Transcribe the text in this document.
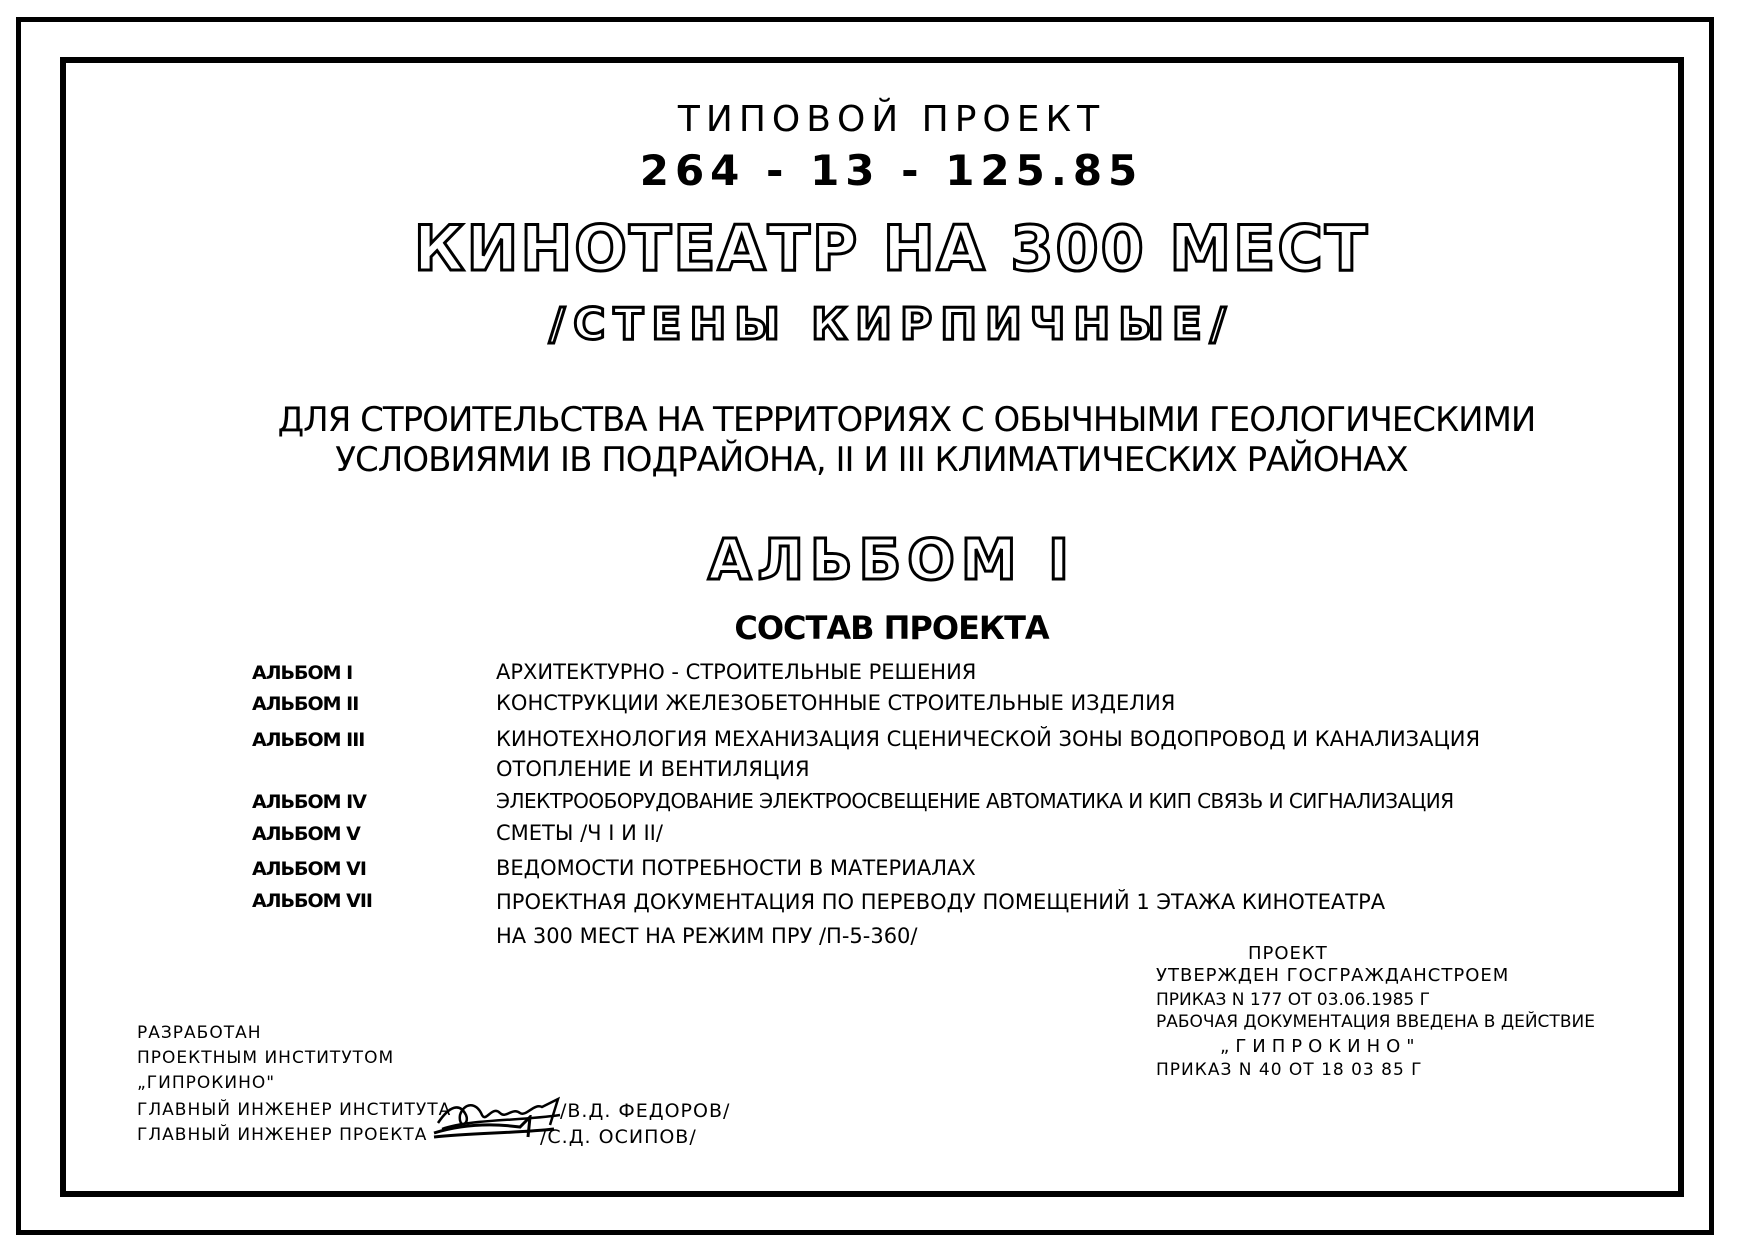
ТИПОВОЙ ПРОЕКТ
264 - 13 - 125.85
КИНОТЕАТР НА 300 МЕСТ
/СТЕНЫ КИРПИЧНЫЕ/
ДЛЯ СТРОИТЕЛЬСТВА НА ТЕРРИТОРИЯХ С ОБЫЧНЫМИ ГЕОЛОГИЧЕСКИМИ
УСЛОВИЯМИ IВ ПОДРАЙОНА, II И III КЛИМАТИЧЕСКИХ РАЙОНАХ
АЛЬБОМ I
СОСТАВ ПРОЕКТА
АЛЬБОМ I	АРХИТЕКТУРНО - СТРОИТЕЛЬНЫЕ РЕШЕНИЯ
АЛЬБОМ II	КОНСТРУКЦИИ ЖЕЛЕЗОБЕТОННЫЕ СТРОИТЕЛЬНЫЕ ИЗДЕЛИЯ
АЛЬБОМ III	КИНОТЕХНОЛОГИЯ МЕХАНИЗАЦИЯ СЦЕНИЧЕСКОЙ ЗОНЫ ВОДОПРОВОД И КАНАЛИЗАЦИЯ
ОТОПЛЕНИЕ И ВЕНТИЛЯЦИЯ
АЛЬБОМ IV	ЭЛЕКТРООБОРУДОВАНИЕ ЭЛЕКТРООСВЕЩЕНИЕ АВТОМАТИКА И КИП СВЯЗЬ И СИГНАЛИЗАЦИЯ
АЛЬБОМ V	СМЕТЫ /Ч I И II/
АЛЬБОМ VI	ВЕДОМОСТИ ПОТРЕБНОСТИ В МАТЕРИАЛАХ
АЛЬБОМ VII	ПРОЕКТНАЯ ДОКУМЕНТАЦИЯ ПО ПЕРЕВОДУ ПОМЕЩЕНИЙ 1 ЭТАЖА КИНОТЕАТРА
НА 300 МЕСТ НА РЕЖИМ ПРУ /П-5-360/
РАЗРАБОТАН
ПРОЕКТНЫМ ИНСТИТУТОМ
„ГИПРОКИНО"
ГЛАВНЫЙ ИНЖЕНЕР ИНСТИТУТА
ГЛАВНЫЙ ИНЖЕНЕР ПРОЕКТА
/В.Д. ФЕДОРОВ/
/С.Д. ОСИПОВ/
ПРОЕКТ
УТВЕРЖДЕН ГОСГРАЖДАНСТРОЕМ
ПРИКАЗ N 177 ОТ 03.06.1985 Г
РАБОЧАЯ ДОКУМЕНТАЦИЯ ВВЕДЕНА В ДЕЙСТВИЕ
„ГИПРОКИНО"
ПРИКАЗ N 40 ОТ 18 03 85 Г
